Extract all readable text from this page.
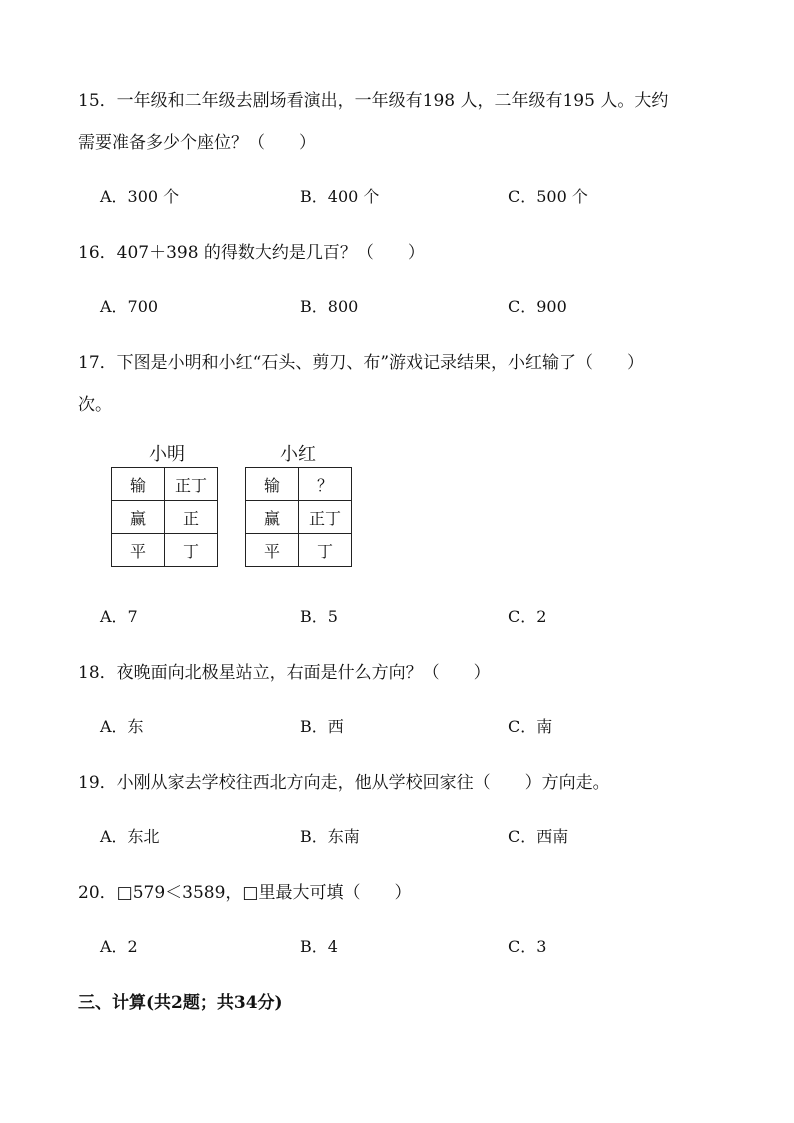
15．一年级和二年级去剧场看演出，一年级有198 人，二年级有195 人。大约
需要准备多少个座位？（　　）
A．300 个	B．400 个	C．500 个
16．407＋398 的得数大约是几百？（　　）
A．700	B．800	C．900
17．下图是小明和小红“石头、剪刀、布”游戏记录结果，小红输了（　　）
次。
小明
输	正丁
赢	正
平	丁
小红
输	？
赢	正丁
平	丁
A．7	B．5	C．2
18．夜晚面向北极星站立，右面是什么方向？（　　）
A．东	B．西	C．南
19．小刚从家去学校往西北方向走，他从学校回家往（　　）方向走。
A．东北	B．东南	C．西南
20．□579＜3589，□里最大可填（　　）
A．2	B．4	C．3
三、计算(共2题；共34分)
